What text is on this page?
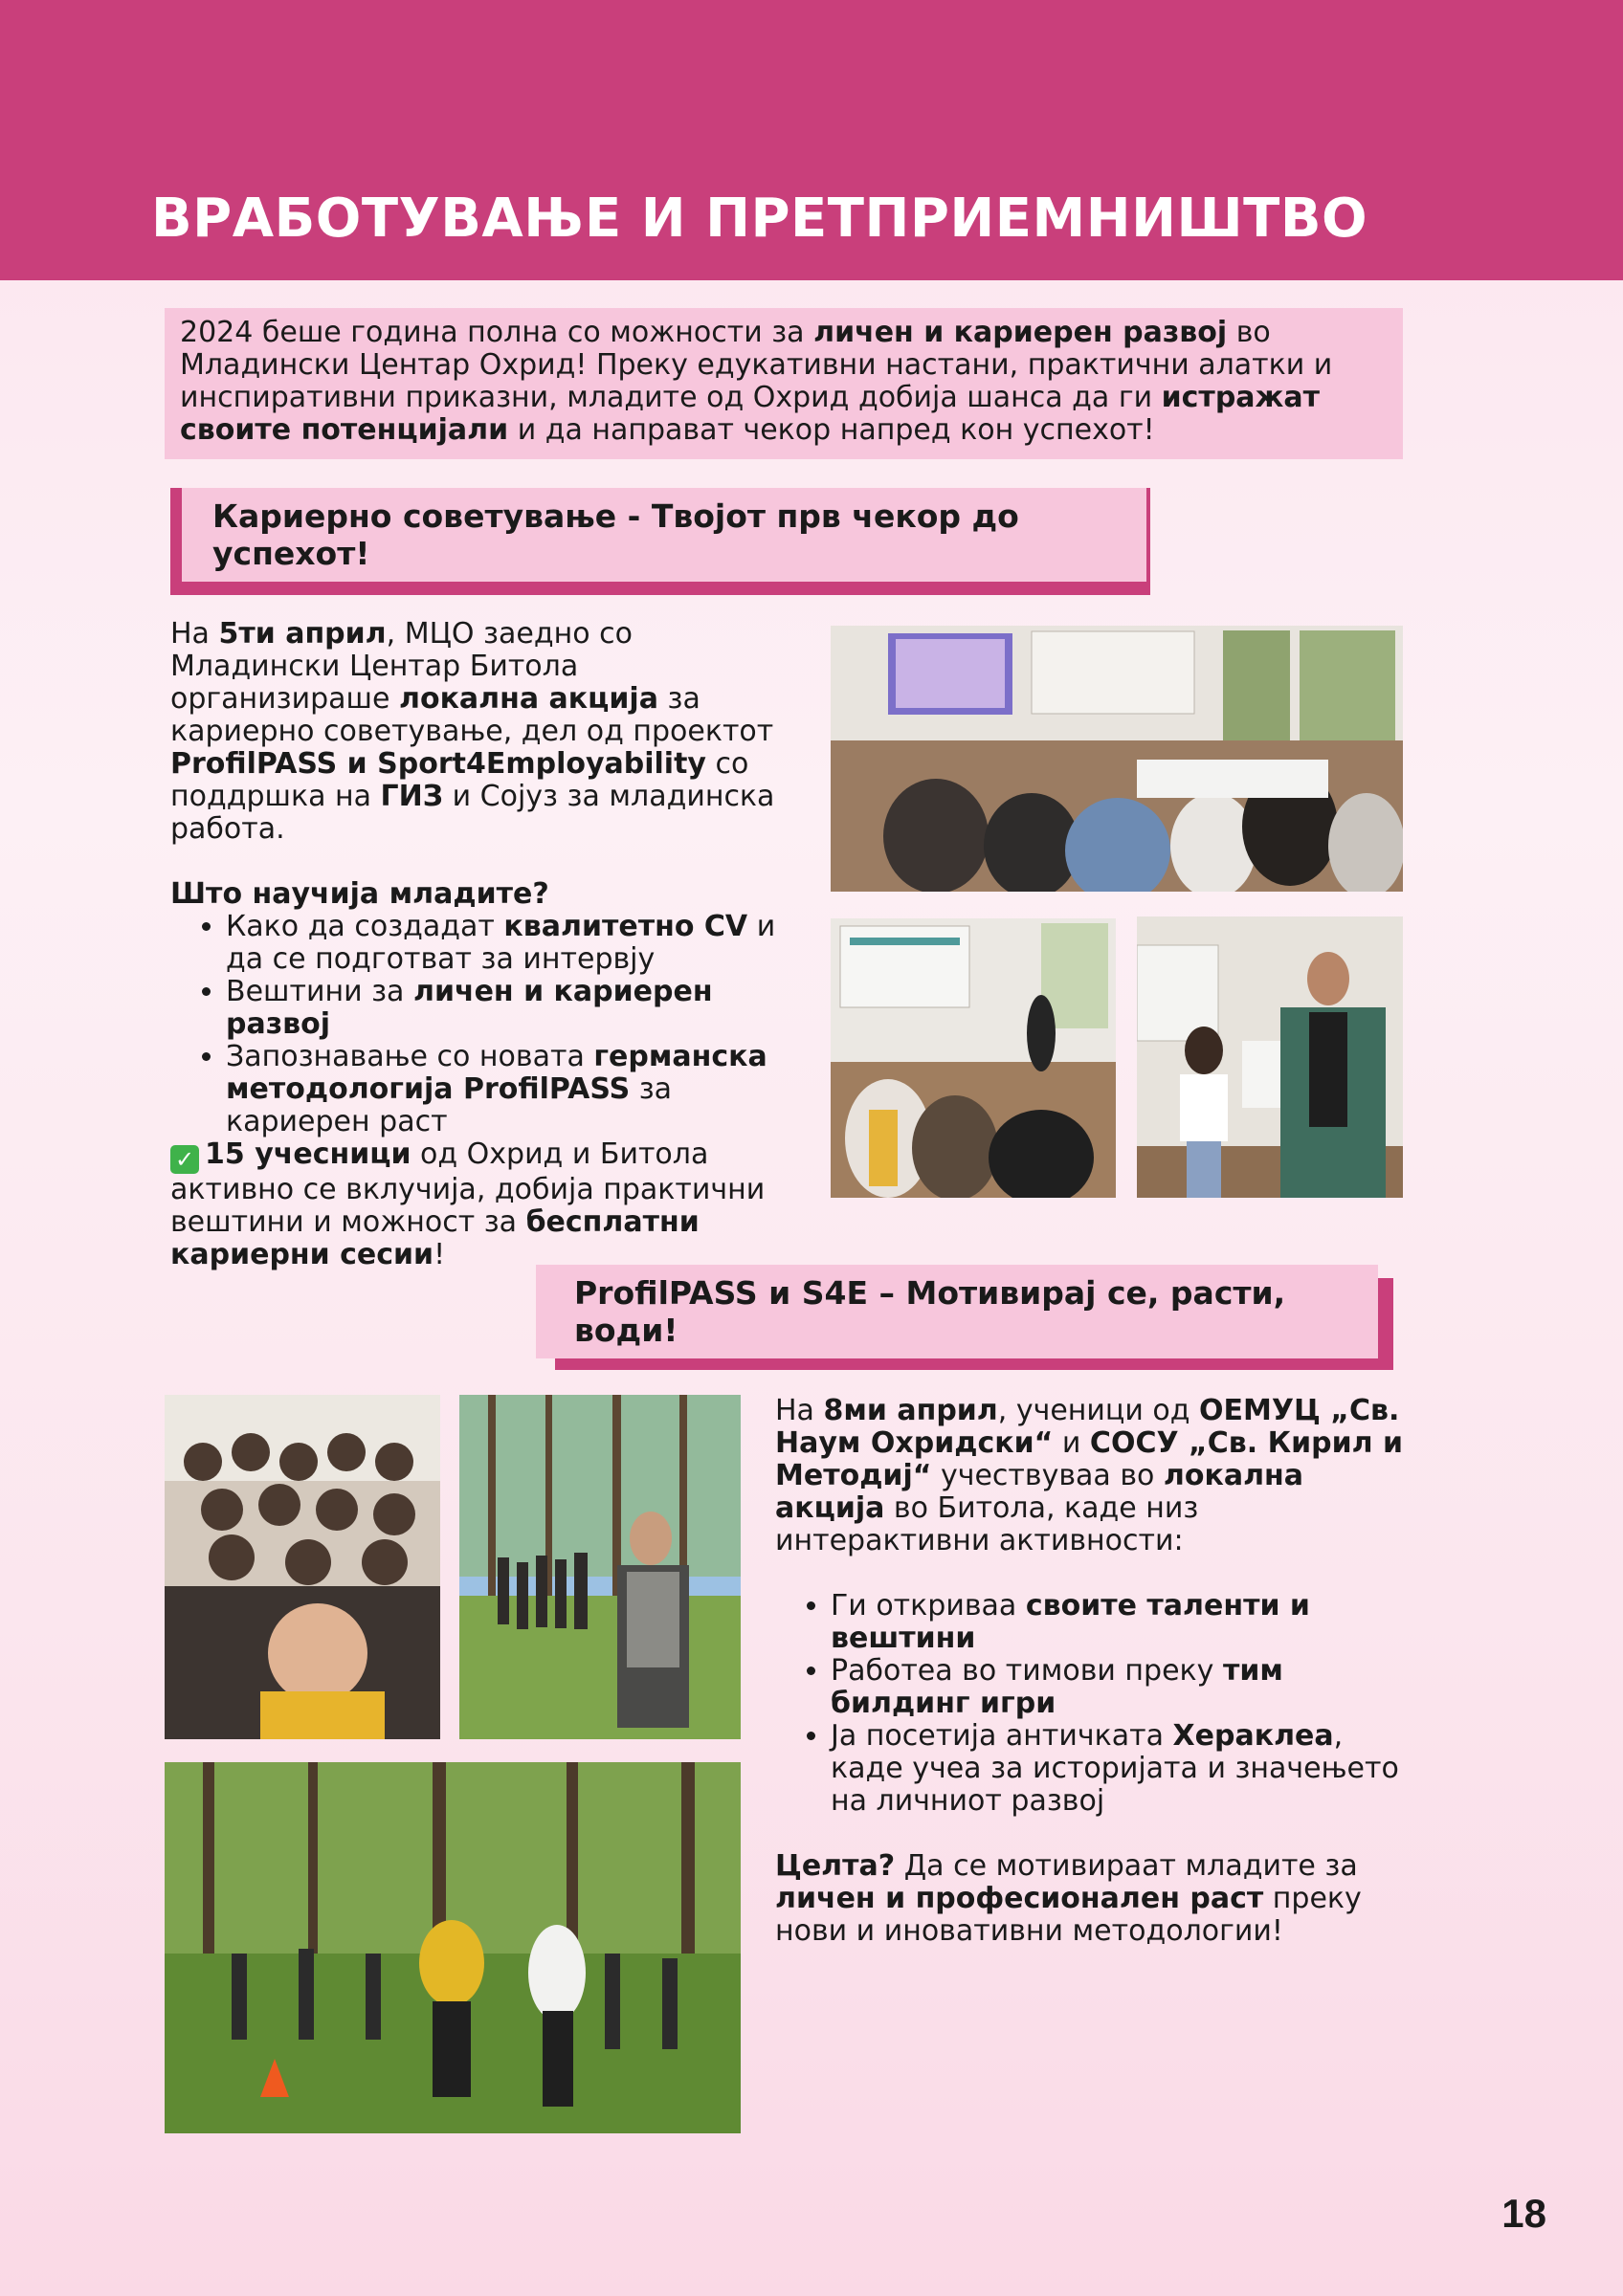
ВРАБОТУВАЊЕ И ПРЕТПРИЕМНИШТВО
2024 беше година полна со можности за личен и кариерен развој во Младински Центар Охрид! Преку едукативни настани, практични алатки и инспиративни приказни, младите од Охрид добија шанса да ги истражат своите потенцијали и да направат чекор напред кон успехот!
Кариерно советување - Твојот прв чекор до успехот!

На 5ти април, МЦО заедно со Младински Центар Битола организираше локална акција за кариерно советување, дел од проектот ProfilPASS и Sport4Employability со поддршка на ГИЗ и Сојуз за младинска работа.

Што научија младите?

• Како да создадат квалитетно CV и да се подготват за интервју
• Вештини за личен и кариерен развој
• Запознавање со новата германска методологија ProfilPASS за кариерен раст

✓ 15 учесници од Охрид и Битола активно се вклучија, добија практични вештини и можност за бесплатни кариерни сесии!

ProfilPASS и S4E – Мотивирај се, расти, води!

На 8ми април, ученици од ОЕМУЦ „Св. Наум Охридски“ и СОСУ „Св. Кирил и Методиј“ учествуваа во локална акција во Битола, каде низ интерактивни активности:

• Ги откриваа своите таленти и вештини
• Работеа во тимови преку тим билдинг игри
• Ја посетија античката Хераклеа, каде учеа за историјата и значењето на личниот развој

Целта? Да се мотивираат младите за личен и професионален раст преку нови и иновативни методологии!

18
